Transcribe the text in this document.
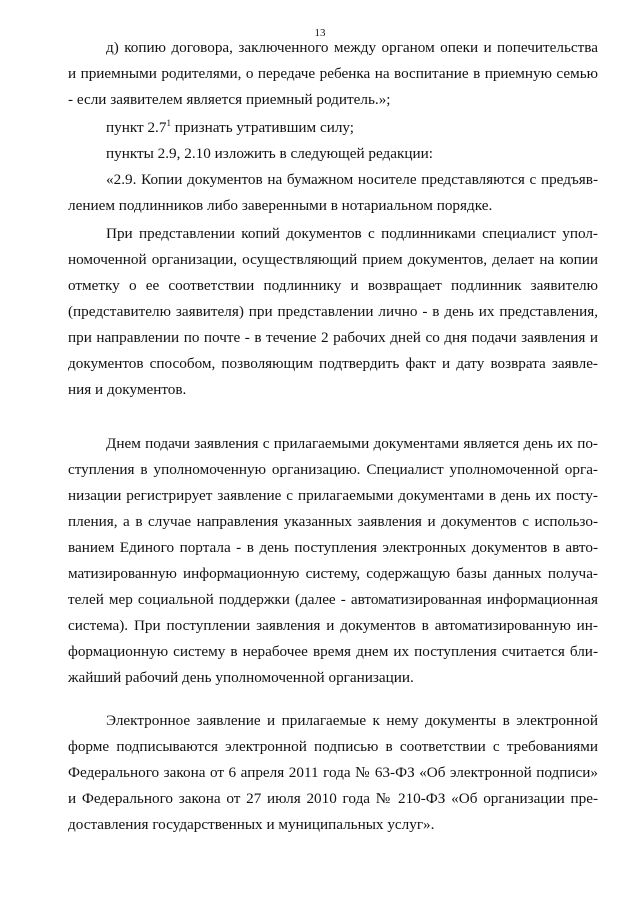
13
д) копию договора, заключенного между органом опеки и попечительства
и приемными родителями, о передаче ребенка на воспитание в приемную семью
- если заявителем является приемный родитель.»;
пункт $2.7^1$ признать утратившим силу;
пункты 2.9, 2.10 изложить в следующей редакции:
«2.9. Копии документов на бумажном носителе представляются с предъяв-
лением подлинников либо заверенными в нотариальном порядке.
При представлении копий документов с подлинниками специалист упол-
номоченной организации, осуществляющий прием документов, делает на копии
отметку о ее соответствии подлиннику и возвращает подлинник заявителю
(представителю заявителя) при представлении лично - в день их представления,
при направлении по почте - в течение 2 рабочих дней со дня подачи заявления и
документов способом, позволяющим подтвердить факт и дату возврата заявле-
ния и документов.
Днем подачи заявления с прилагаемыми документами является день их по-
ступления в уполномоченную организацию. Специалист уполномоченной орга-
низации регистрирует заявление с прилагаемыми документами в день их посту-
пления, а в случае направления указанных заявления и документов с использо-
ванием Единого портала - в день поступления электронных документов в авто-
матизированную информационную систему, содержащую базы данных получа-
телей мер социальной поддержки (далее - автоматизированная информационная
система). При поступлении заявления и документов в автоматизированную ин-
формационную систему в нерабочее время днем их поступления считается бли-
жайший рабочий день уполномоченной организации.
Электронное заявление и прилагаемые к нему документы в электронной
форме подписываются электронной подписью в соответствии с требованиями
Федерального закона от 6 апреля 2011 года № 63-ФЗ «Об электронной подписи»
и Федерального закона от 27 июля 2010 года № 210-ФЗ «Об организации пре-
доставления государственных и муниципальных услуг».
